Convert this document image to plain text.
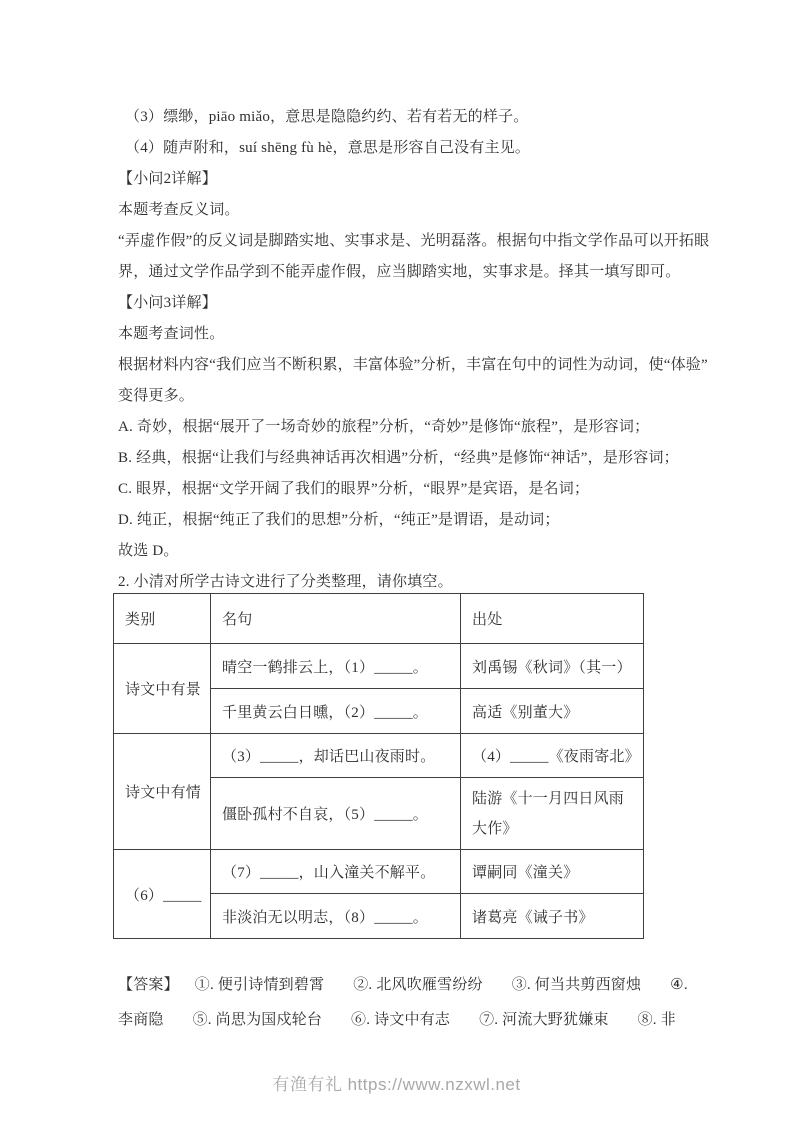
（3）缥缈，piāo miǎo，意思是隐隐约约、若有若无的样子。
（4）随声附和，suí shēng fù hè，意思是形容自己没有主见。
【小问2详解】
本题考查反义词。
“弄虚作假”的反义词是脚踏实地、实事求是、光明磊落。根据句中指文学作品可以开拓眼
界，通过文学作品学到不能弄虚作假，应当脚踏实地，实事求是。择其一填写即可。
【小问3详解】
本题考查词性。
根据材料内容“我们应当不断积累，丰富体验”分析，丰富在句中的词性为动词，使“体验”
变得更多。
A. 奇妙，根据“展开了一场奇妙的旅程”分析，“奇妙”是修饰“旅程”，是形容词；
B. 经典，根据“让我们与经典神话再次相遇”分析，“经典”是修饰“神话”，是形容词；
C. 眼界，根据“文学开阔了我们的眼界”分析，“眼界”是宾语，是名词；
D. 纯正，根据“纯正了我们的思想”分析，“纯正”是谓语，是动词；
故选 D。
2. 小清对所学古诗文进行了分类整理，请你填空。
类别	名句	出处
诗文中有景	晴空一鹤排云上，（1）_____。	刘禹锡《秋词》（其一）
	千里黄云白日曛，（2）_____。	高适《别董大》
诗文中有情	（3）_____，却话巴山夜雨时。	（4）_____《夜雨寄北》
	僵卧孤村不自哀，（5）_____。	陆游《十一月四日风雨大作》
（6）_____	（7）_____，山入潼关不解平。	谭嗣同《潼关》
	非淡泊无以明志，（8）_____。	诸葛亮《诫子书》
【答案】 ①. 便引诗情到碧霄 ②. 北风吹雁雪纷纷 ③. 何当共剪西窗烛 ④.
李商隐 ⑤. 尚思为国戍轮台 ⑥. 诗文中有志 ⑦. 河流大野犹嫌束 ⑧. 非
有渔有礼 https://www.nzxwl.net
